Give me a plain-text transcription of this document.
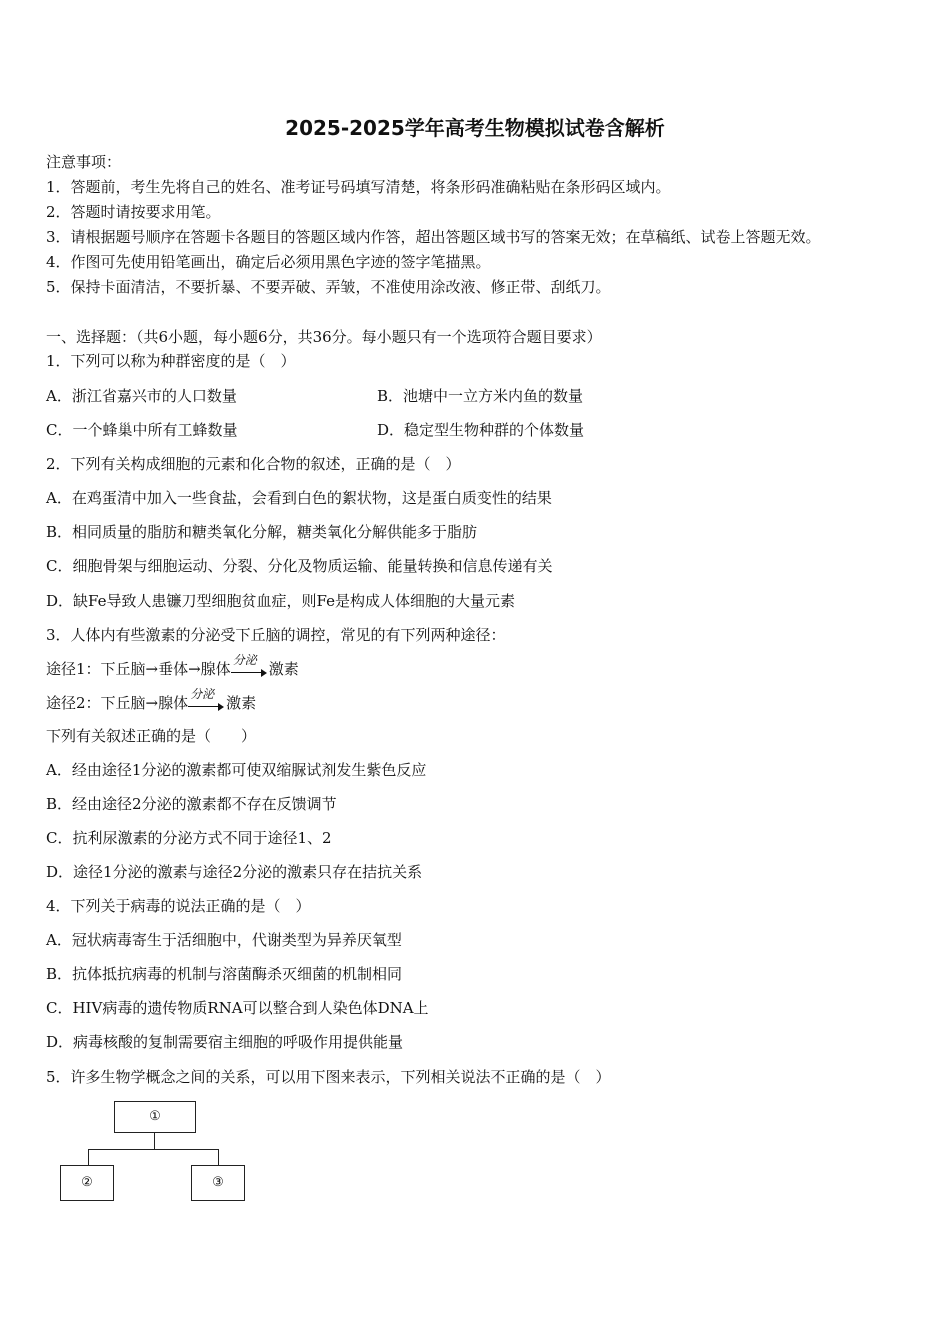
2025-2025学年高考生物模拟试卷含解析
注意事项：
1．答题前，考生先将自己的姓名、准考证号码填写清楚，将条形码准确粘贴在条形码区域内。
2．答题时请按要求用笔。
3．请根据题号顺序在答题卡各题目的答题区域内作答，超出答题区域书写的答案无效；在草稿纸、试卷上答题无效。
4．作图可先使用铅笔画出，确定后必须用黑色字迹的签字笔描黑。
5．保持卡面清洁，不要折暴、不要弄破、弄皱，不准使用涂改液、修正带、刮纸刀。
一、选择题：（共6小题，每小题6分，共36分。每小题只有一个选项符合题目要求）
1．下列可以称为种群密度的是（　）
A．浙江省嘉兴市的人口数量	B．池塘中一立方米内鱼的数量
C．一个蜂巢中所有工蜂数量	D．稳定型生物种群的个体数量
2．下列有关构成细胞的元素和化合物的叙述，正确的是（　）
A．在鸡蛋清中加入一些食盐，会看到白色的絮状物，这是蛋白质变性的结果
B．相同质量的脂肪和糖类氧化分解，糖类氧化分解供能多于脂肪
C．细胞骨架与细胞运动、分裂、分化及物质运输、能量转换和信息传递有关
D．缺Fe导致人患镰刀型细胞贫血症，则Fe是构成人体细胞的大量元素
3．人体内有些激素的分泌受下丘脑的调控，常见的有下列两种途径：
途径1：下丘脑→垂体→腺体 分泌 激素
途径2：下丘脑→腺体 分泌 激素
下列有关叙述正确的是（　　）
A．经由途径1分泌的激素都可使双缩脲试剂发生紫色反应
B．经由途径2分泌的激素都不存在反馈调节
C．抗利尿激素的分泌方式不同于途径1、2
D．途径1分泌的激素与途径2分泌的激素只存在拮抗关系
4．下列关于病毒的说法正确的是（　）
A．冠状病毒寄生于活细胞中，代谢类型为异养厌氧型
B．抗体抵抗病毒的机制与溶菌酶杀灭细菌的机制相同
C．HIV病毒的遗传物质RNA可以整合到人染色体DNA上
D．病毒核酸的复制需要宿主细胞的呼吸作用提供能量
5．许多生物学概念之间的关系，可以用下图来表示，下列相关说法不正确的是（　）
①
②	③
